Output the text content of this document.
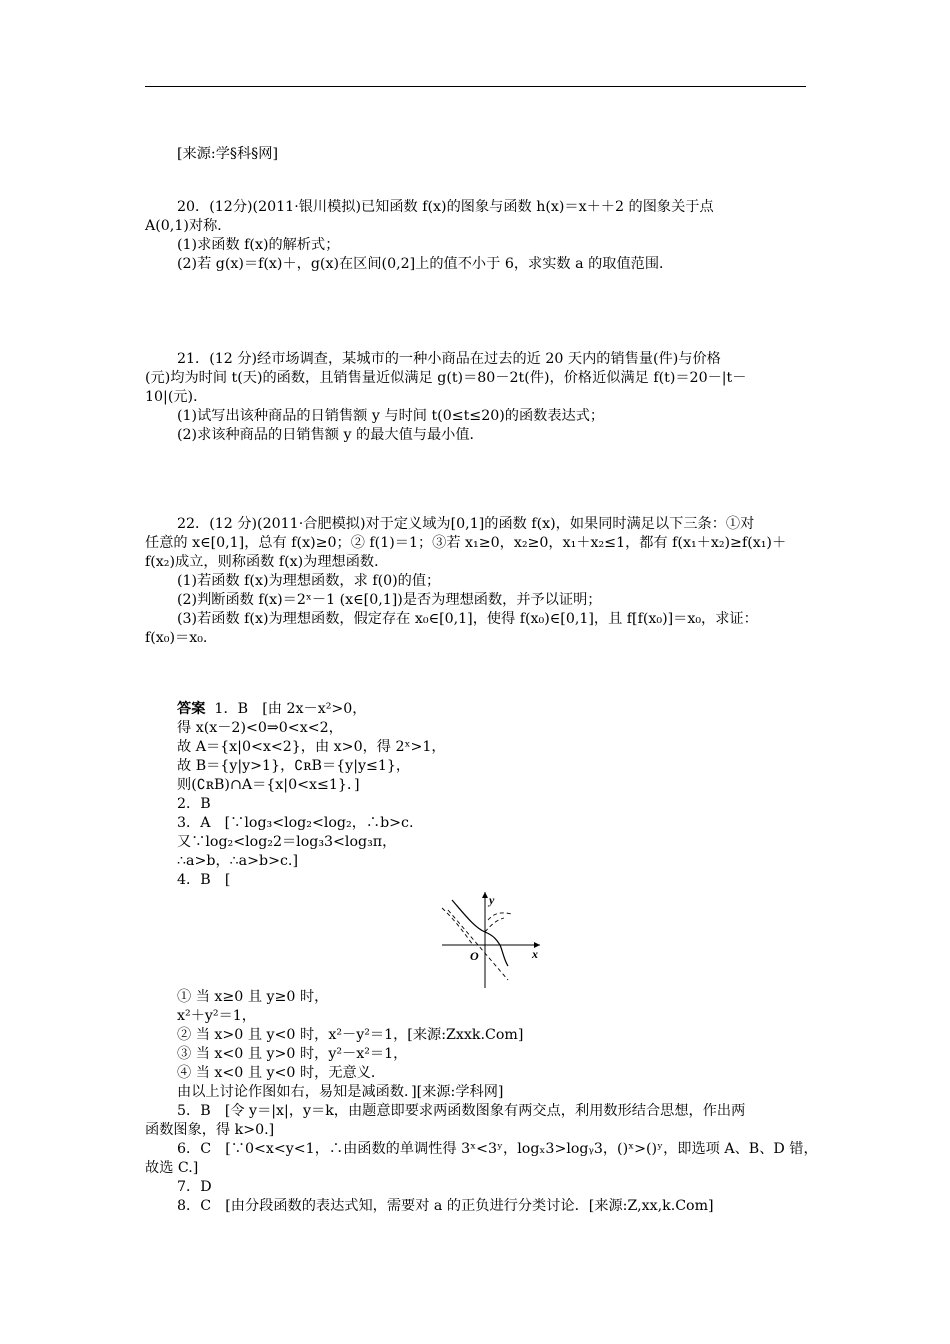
[来源:学§科§网]
20．(12分)(2011·银川模拟)已知函数 f(x)的图象与函数 h(x)＝x＋＋2 的图象关于点
A(0,1)对称．
(1)求函数 f(x)的解析式；
(2)若 g(x)＝f(x)＋，g(x)在区间(0,2]上的值不小于 6，求实数 a 的取值范围．
21．(12 分)经市场调查，某城市的一种小商品在过去的近 20 天内的销售量(件)与价格
(元)均为时间 t(天)的函数，且销售量近似满足 g(t)＝80－2t(件)，价格近似满足 f(t)＝20－|t－
10|(元)．
(1)试写出该种商品的日销售额 y 与时间 t(0≤t≤20)的函数表达式；
(2)求该种商品的日销售额 y 的最大值与最小值．
22．(12 分)(2011·合肥模拟)对于定义域为[0,1]的函数 f(x)，如果同时满足以下三条：①对
任意的 x∈[0,1]，总有 f(x)≥0；② f(1)＝1；③若 x₁≥0，x₂≥0，x₁＋x₂≤1，都有 f(x₁＋x₂)≥f(x₁)＋
f(x₂)成立，则称函数 f(x)为理想函数．
(1)若函数 f(x)为理想函数，求 f(0)的值；
(2)判断函数 f(x)＝2ˣ－1 (x∈[0,1])是否为理想函数，并予以证明；
(3)若函数 f(x)为理想函数，假定存在 x₀∈[0,1]，使得 f(x₀)∈[0,1]，且 f[f(x₀)]＝x₀，求证：
f(x₀)＝x₀.
答案 1．B　[由 2x－x²>0，
得 x(x－2)<0⇒0<x<2，
故 A＝{x|0<x<2}，由 x>0，得 2ˣ>1，
故 B＝{y|y>1}，∁ʀB＝{y|y≤1}，
则(∁ʀB)∩A＝{x|0<x≤1}．]
2．B
3．A　[∵log₃<log₂<log₂，∴b>c.
又∵log₂<log₂2＝log₃3<log₃π，
∴a>b，∴a>b>c.]
4．B　[
y
x
O
① 当 x≥0 且 y≥0 时，
x²＋y²＝1，
② 当 x>0 且 y<0 时，x²－y²＝1，[来源:Zxxk.Com]
③ 当 x<0 且 y>0 时，y²－x²＝1，
④ 当 x<0 且 y<0 时，无意义．
由以上讨论作图如右，易知是减函数．][来源:学科网]
5．B　[令 y＝|x|，y＝k，由题意即要求两函数图象有两交点，利用数形结合思想，作出两
函数图象，得 k>0.]
6．C　[∵0<x<y<1，∴由函数的单调性得 3ˣ<3ʸ，logₓ3>logᵧ3，()ˣ>()ʸ，即选项 A、B、D 错，
故选 C.]
7．D
8．C　[由分段函数的表达式知，需要对 a 的正负进行分类讨论．[来源:Z,xx,k.Com]
